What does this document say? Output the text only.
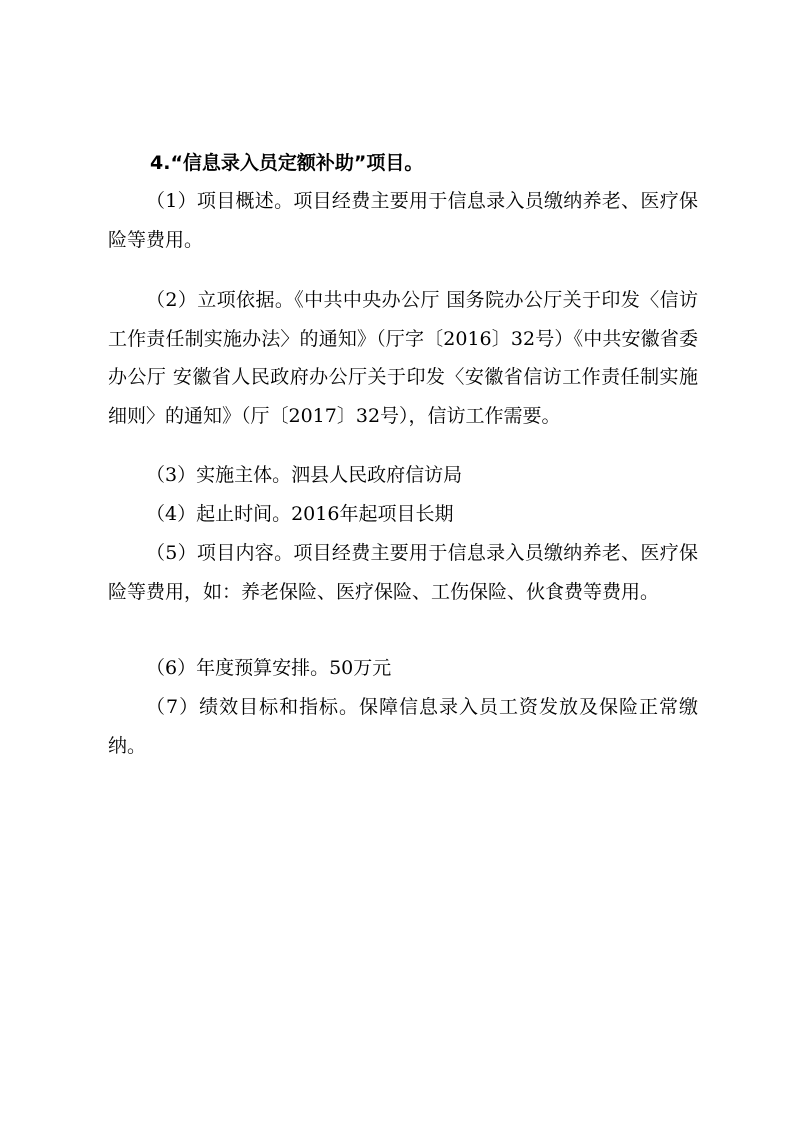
4.“信息录入员定额补助”项目。
（1）项目概述。项目经费主要用于信息录入员缴纳养老、医疗保险等费用。
（2）立项依据。《中共中央办公厅 国务院办公厅关于印发〈信访工作责任制实施办法〉的通知》（厅字〔2016〕32号）《中共安徽省委办公厅 安徽省人民政府办公厅关于印发〈安徽省信访工作责任制实施细则〉的通知》（厅〔2017〕32号），信访工作需要。
（3）实施主体。泗县人民政府信访局
（4）起止时间。2016年起项目长期
（5）项目内容。项目经费主要用于信息录入员缴纳养老、医疗保险等费用，如：养老保险、医疗保险、工伤保险、伙食费等费用。
（6）年度预算安排。50万元
（7）绩效目标和指标。保障信息录入员工资发放及保险正常缴纳。
